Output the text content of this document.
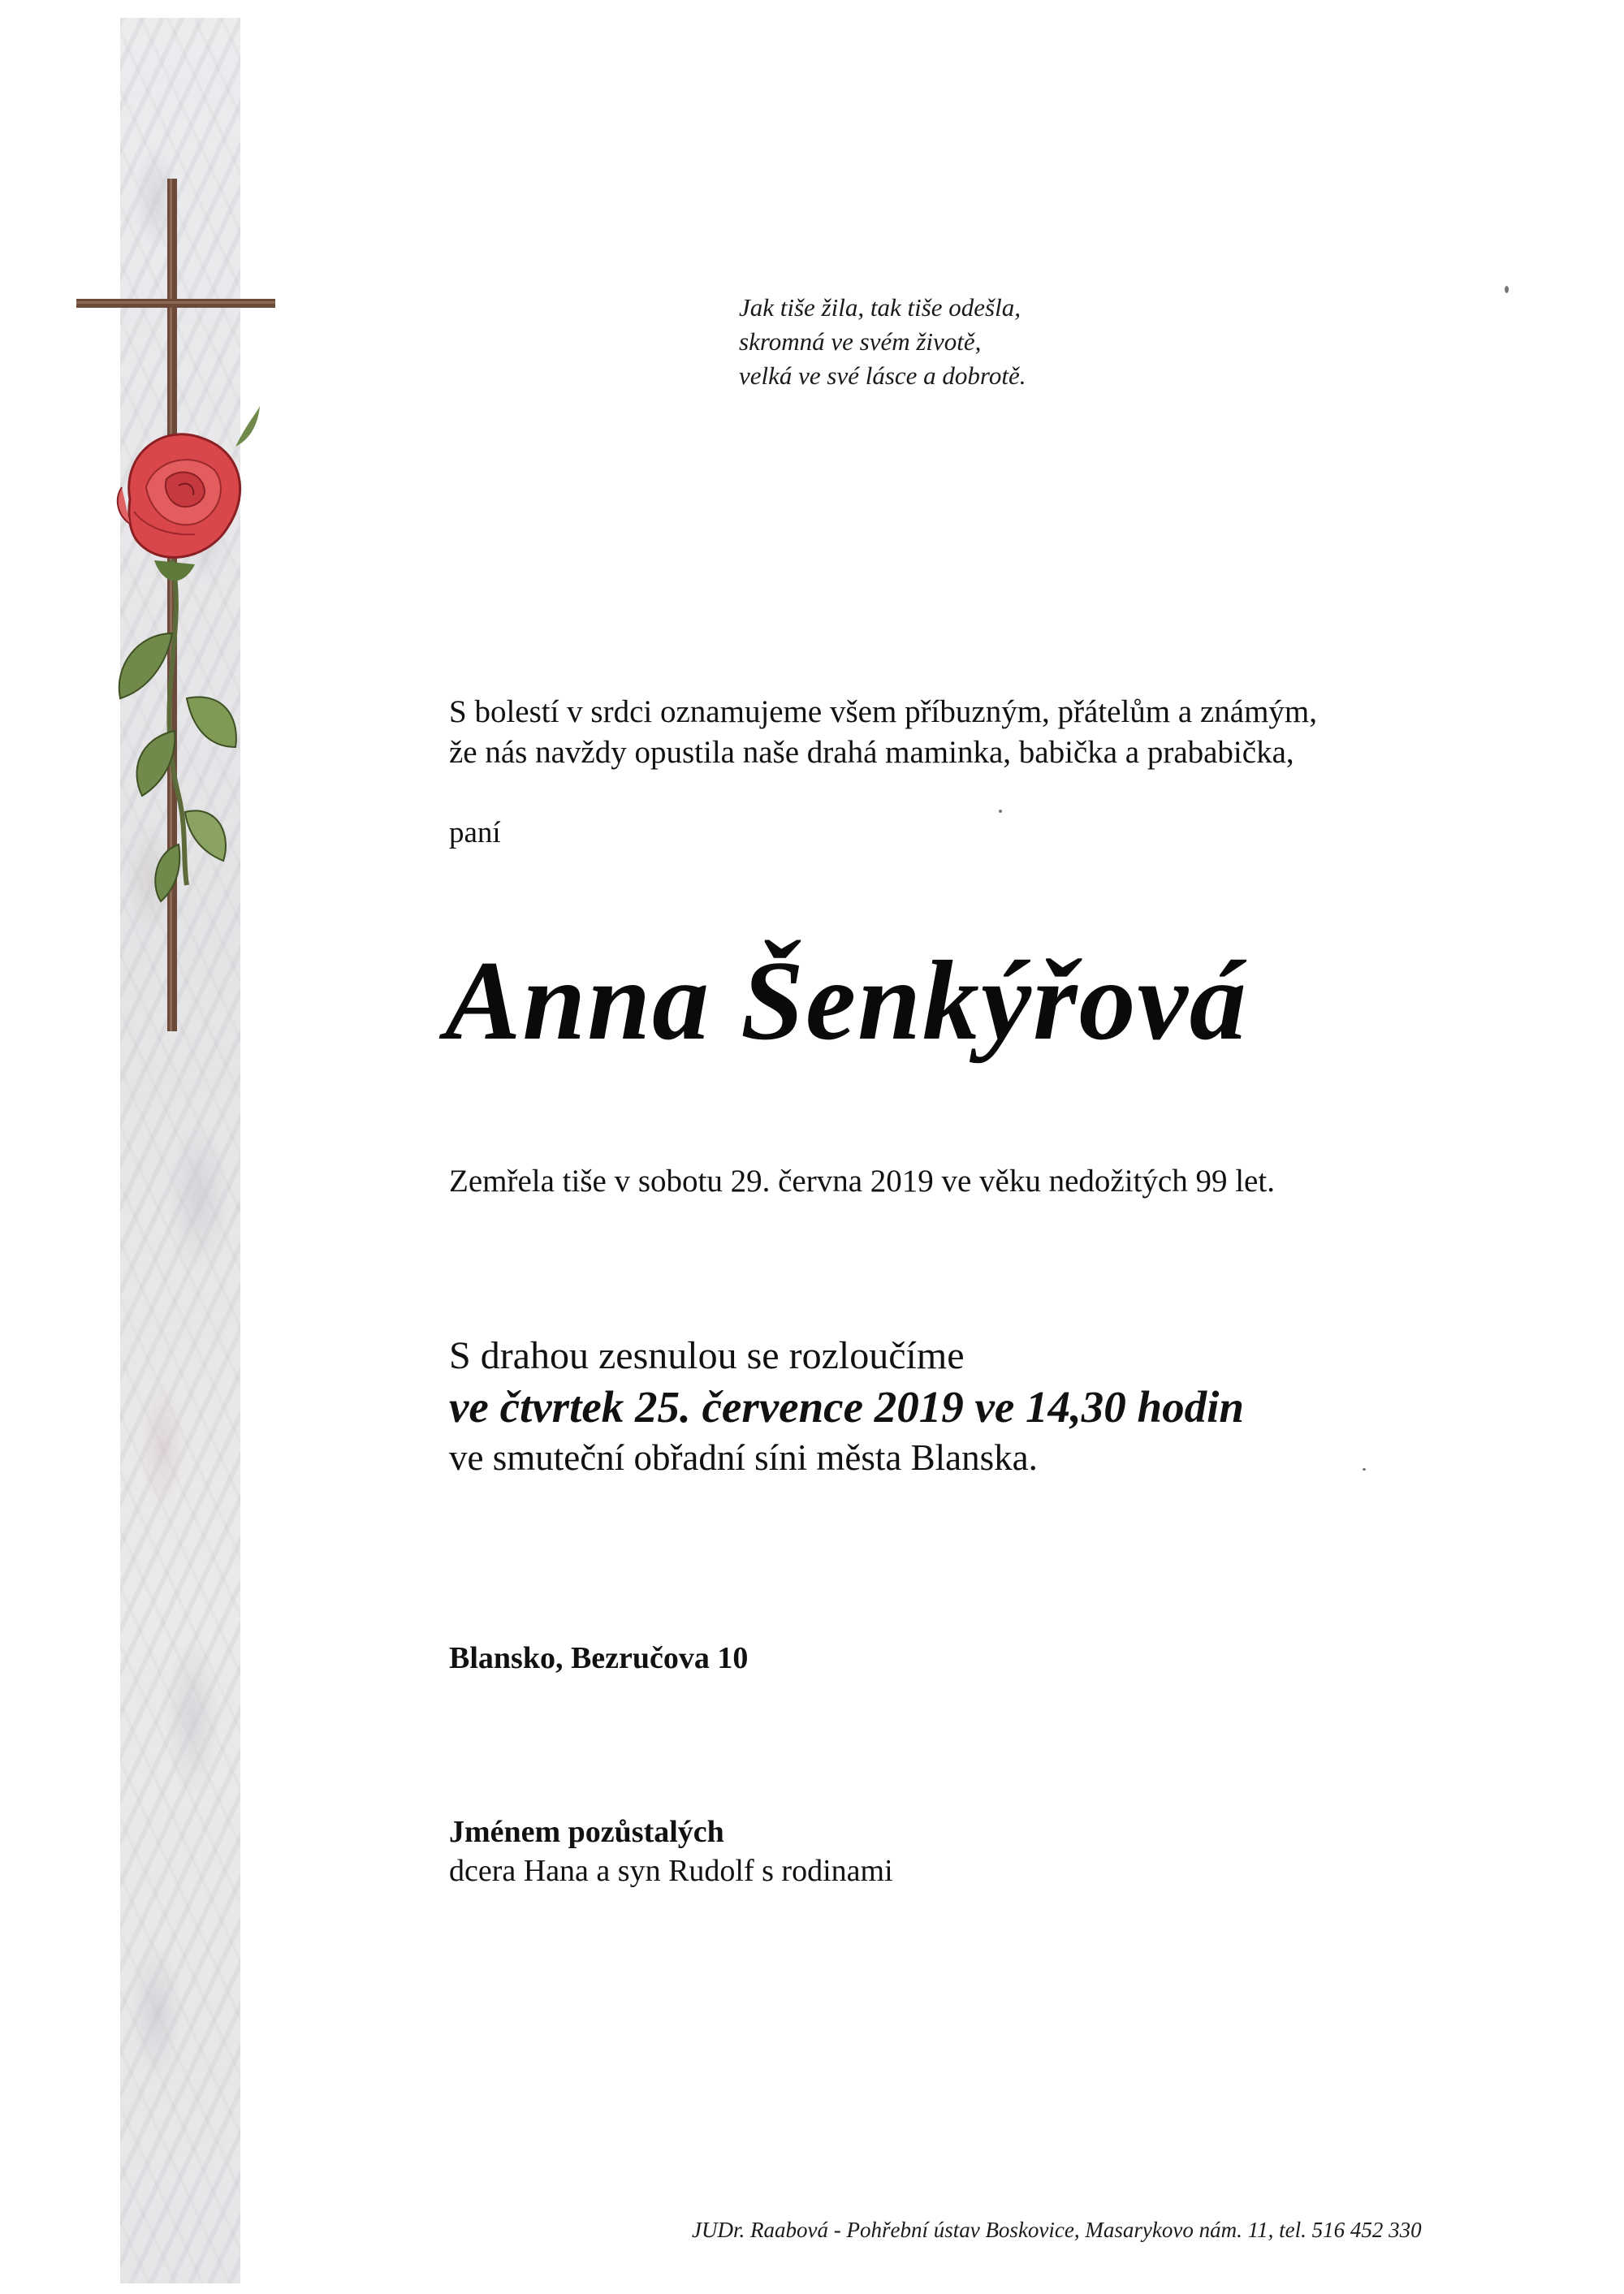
Jak tiše žila, tak tiše odešla,
skromná ve svém životě,
velká ve své lásce a dobrotě.
S bolestí v srdci oznamujeme všem příbuzným, přátelům a známým,
že nás navždy opustila naše drahá maminka, babička a prababička,
paní
Anna Šenkýřová
Zemřela tiše v sobotu 29. června 2019 ve věku nedožitých 99 let.
S drahou zesnulou se rozloučíme
ve čtvrtek 25. července 2019 ve 14,30 hodin
ve smuteční obřadní síni města Blanska.
Blansko, Bezručova 10
Jménem pozůstalých
dcera Hana a syn Rudolf s rodinami
JUDr. Raabová - Pohřební ústav Boskovice, Masarykovo nám. 11, tel. 516 452 330
